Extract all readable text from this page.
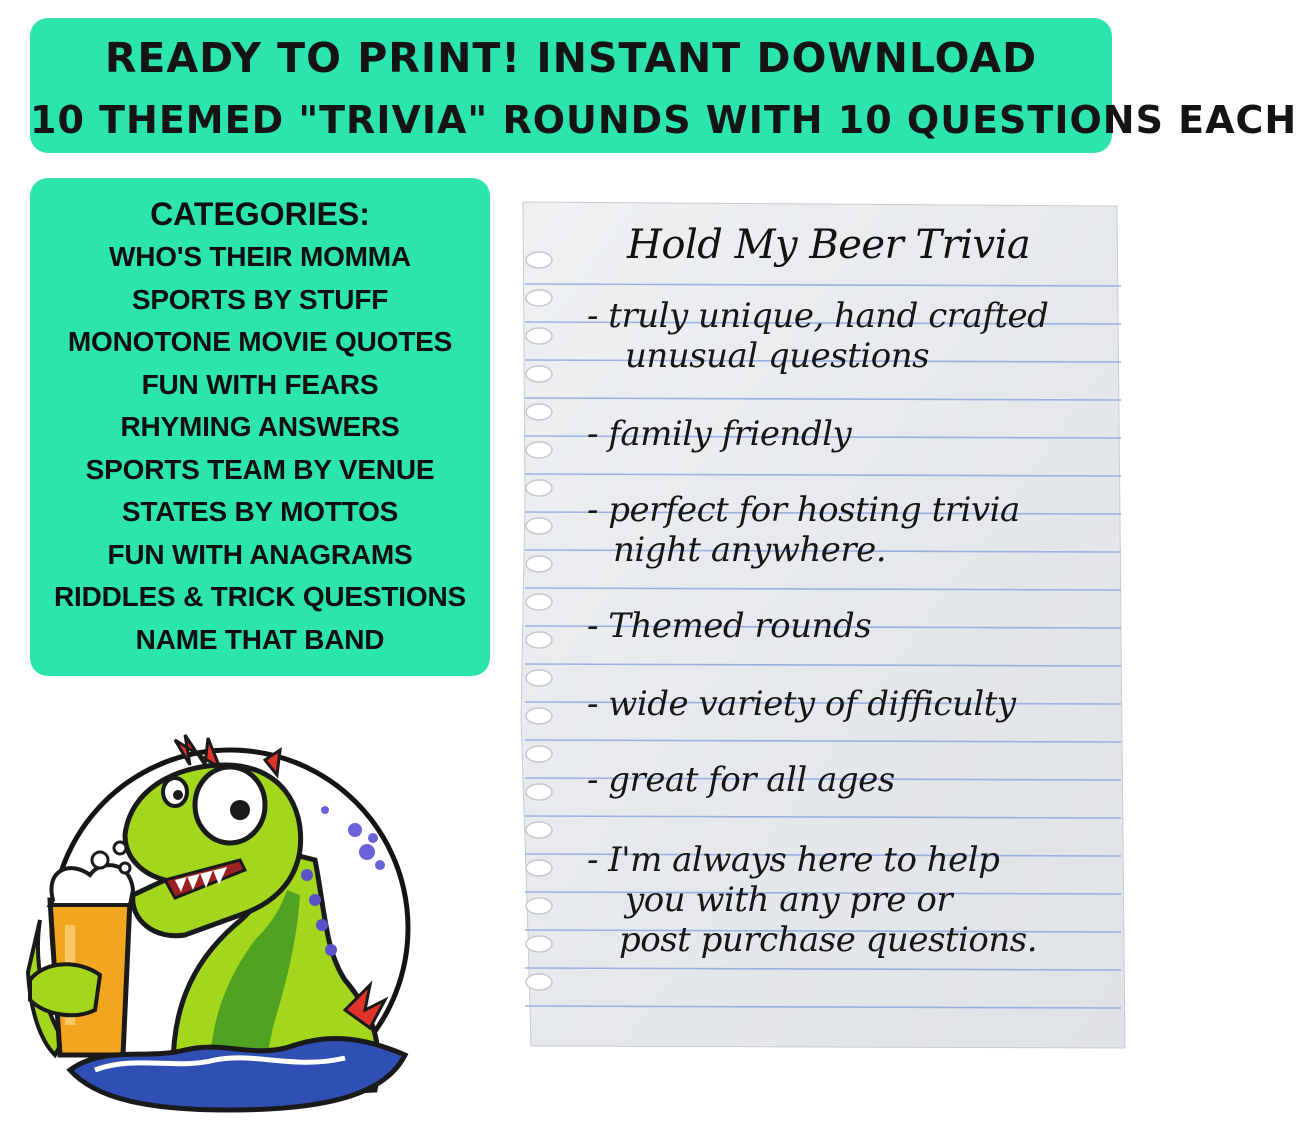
READY TO PRINT! INSTANT DOWNLOAD
10 THEMED "TRIVIA" ROUNDS WITH 10 QUESTIONS EACH
CATEGORIES:
WHO'S THEIR MOMMA
SPORTS BY STUFF
MONOTONE MOVIE QUOTES
FUN WITH FEARS
RHYMING ANSWERS
SPORTS TEAM BY VENUE
STATES BY MOTTOS
FUN WITH ANAGRAMS
RIDDLES & TRICK QUESTIONS
NAME THAT BAND
Hold My Beer Trivia
- truly unique, hand crafted
unusual questions
- family friendly
- perfect for hosting trivia
night anywhere.
- Themed rounds
- wide variety of difficulty
- great for all ages
- I'm always here to help
you with any pre or
post purchase questions.
